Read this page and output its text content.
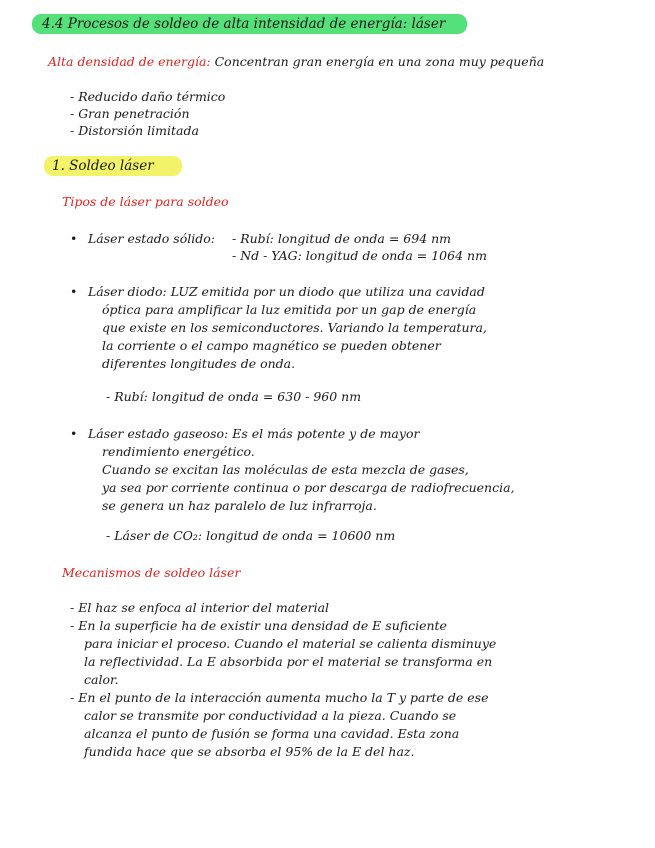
4.4 Procesos de soldeo de alta intensidad de energía: láser
Alta densidad de energía: Concentran gran energía en una zona muy pequeña
- Reducido daño térmico
- Gran penetración
- Distorsión limitada
1. Soldeo láser
Tipos de láser para soldeo
• Láser estado sólido: - Rubí: longitud de onda = 694 nm
- Nd - YAG: longitud de onda = 1064 nm
• Láser diodo: LUZ emitida por un diodo que utiliza una cavidad
óptica para amplificar la luz emitida por un gap de energía
que existe en los semiconductores. Variando la temperatura,
la corriente o el campo magnético se pueden obtener
diferentes longitudes de onda.
- Rubí: longitud de onda = 630 - 960 nm
• Láser estado gaseoso: Es el más potente y de mayor
rendimiento energético.
Cuando se excitan las moléculas de esta mezcla de gases,
ya sea por corriente continua o por descarga de radiofrecuencia,
se genera un haz paralelo de luz infrarroja.
- Láser de CO₂: longitud de onda = 10600 nm
Mecanismos de soldeo láser
- El haz se enfoca al interior del material
- En la superficie ha de existir una densidad de E suficiente
para iniciar el proceso. Cuando el material se calienta disminuye
la reflectividad. La E absorbida por el material se transforma en
calor.
- En el punto de la interacción aumenta mucho la T y parte de ese
calor se transmite por conductividad a la pieza. Cuando se
alcanza el punto de fusión se forma una cavidad. Esta zona
fundida hace que se absorba el 95% de la E del haz.
